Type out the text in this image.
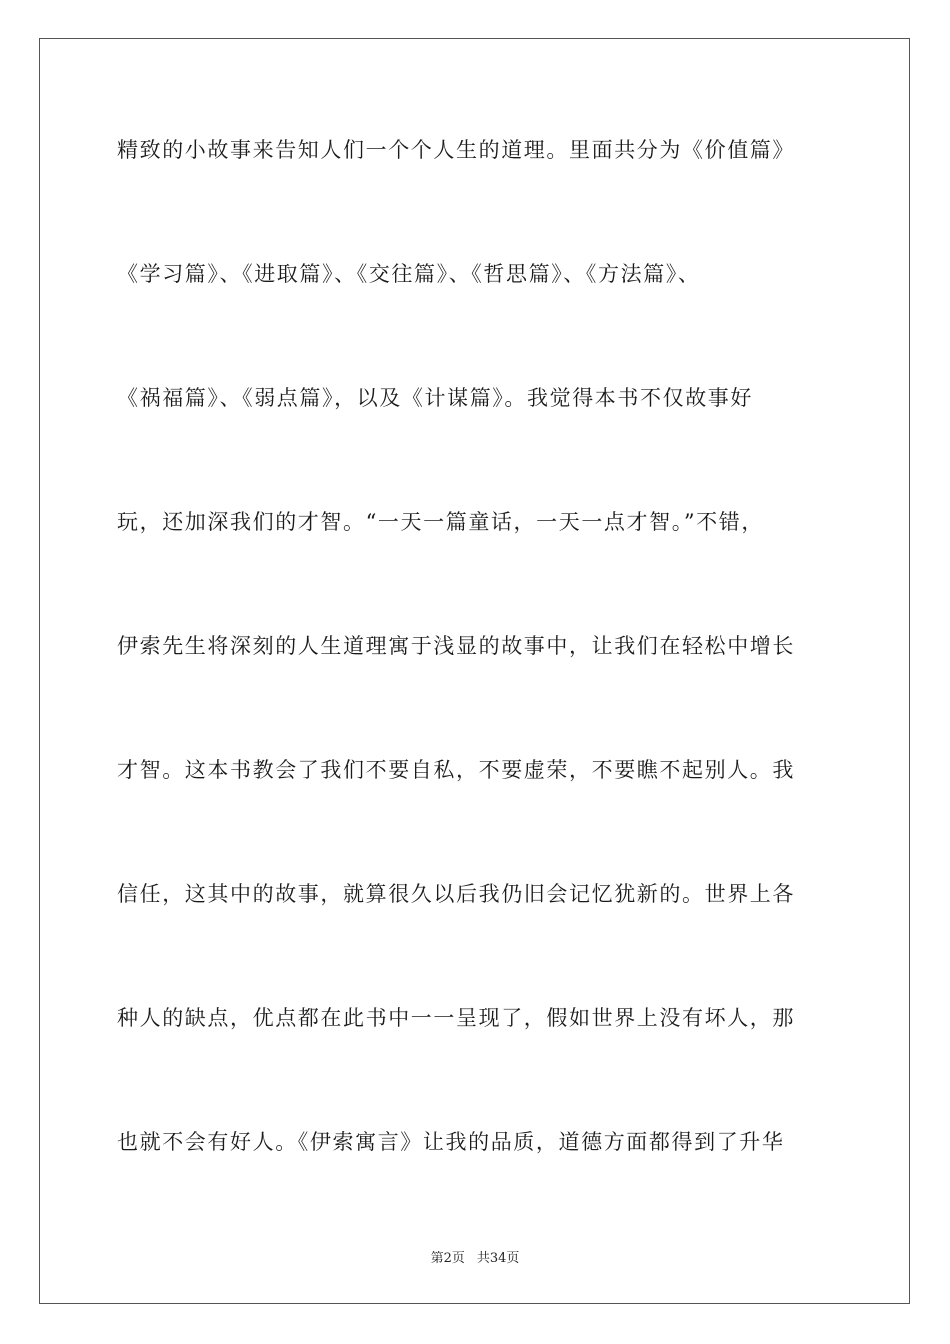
精致的小故事来告知人们一个个人生的道理。里面共分为《价值篇》
《学习篇》、《进取篇》、《交往篇》、《哲思篇》、《方法篇》、
《祸福篇》、《弱点篇》，以及《计谋篇》。我觉得本书不仅故事好
玩，还加深我们的才智。“一天一篇童话，一天一点才智。”不错，
伊索先生将深刻的人生道理寓于浅显的故事中，让我们在轻松中增长
才智。这本书教会了我们不要自私，不要虚荣，不要瞧不起别人。我
信任，这其中的故事，就算很久以后我仍旧会记忆犹新的。世界上各
种人的缺点，优点都在此书中一一呈现了，假如世界上没有坏人，那
也就不会有好人。《伊索寓言》让我的品质，道德方面都得到了升华
第2页 共34页
